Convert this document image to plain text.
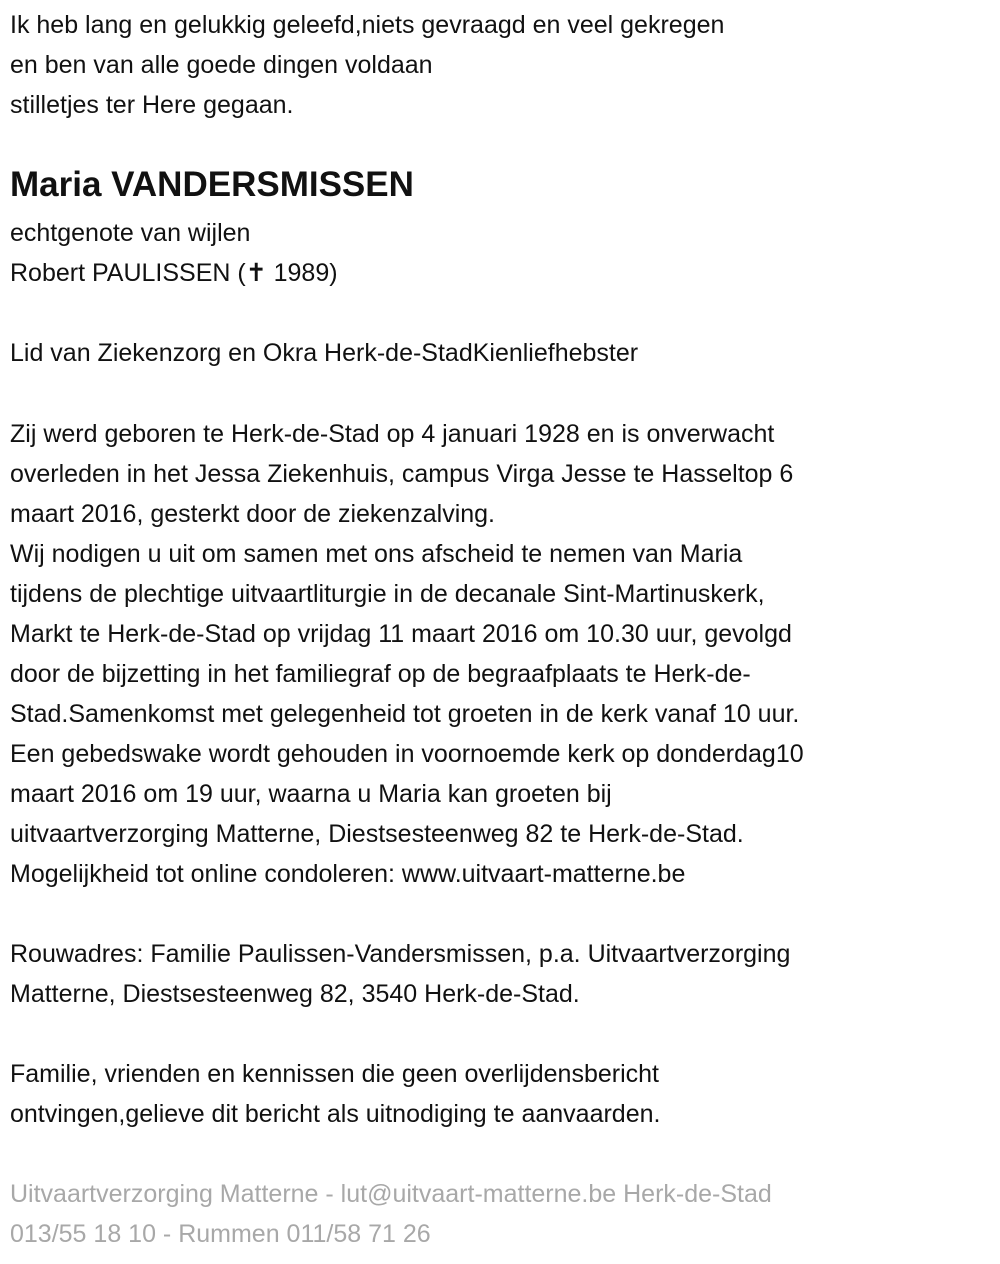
Ik heb lang en gelukkig geleefd,niets gevraagd en veel gekregen
en ben van alle goede dingen voldaan
stilletjes ter Here gegaan.
Maria VANDERSMISSEN
echtgenote van wijlen
Robert PAULISSEN (✝ 1989)
Lid van Ziekenzorg en Okra Herk-de-StadKienliefhebster
Zij werd geboren te Herk-de-Stad op 4 januari 1928 en is onverwacht
overleden in het Jessa Ziekenhuis, campus Virga Jesse te Hasseltop 6
maart 2016, gesterkt door de ziekenzalving.
Wij nodigen u uit om samen met ons afscheid te nemen van Maria
tijdens de plechtige uitvaartliturgie in de decanale Sint-Martinuskerk,
Markt te Herk-de-Stad op vrijdag 11 maart 2016 om 10.30 uur, gevolgd
door de bijzetting in het familiegraf op de begraafplaats te Herk-de-
Stad.Samenkomst met gelegenheid tot groeten in de kerk vanaf 10 uur.
Een gebedswake wordt gehouden in voornoemde kerk op donderdag10
maart 2016 om 19 uur, waarna u Maria kan groeten bij
uitvaartverzorging Matterne, Diestsesteenweg 82 te Herk-de-Stad.
Mogelijkheid tot online condoleren: www.uitvaart-matterne.be
Rouwadres: Familie Paulissen-Vandersmissen, p.a. Uitvaartverzorging
Matterne, Diestsesteenweg 82, 3540 Herk-de-Stad.
Familie, vrienden en kennissen die geen overlijdensbericht
ontvingen,gelieve dit bericht als uitnodiging te aanvaarden.
Uitvaartverzorging Matterne - lut@uitvaart-matterne.be Herk-de-Stad
013/55 18 10 - Rummen 011/58 71 26
